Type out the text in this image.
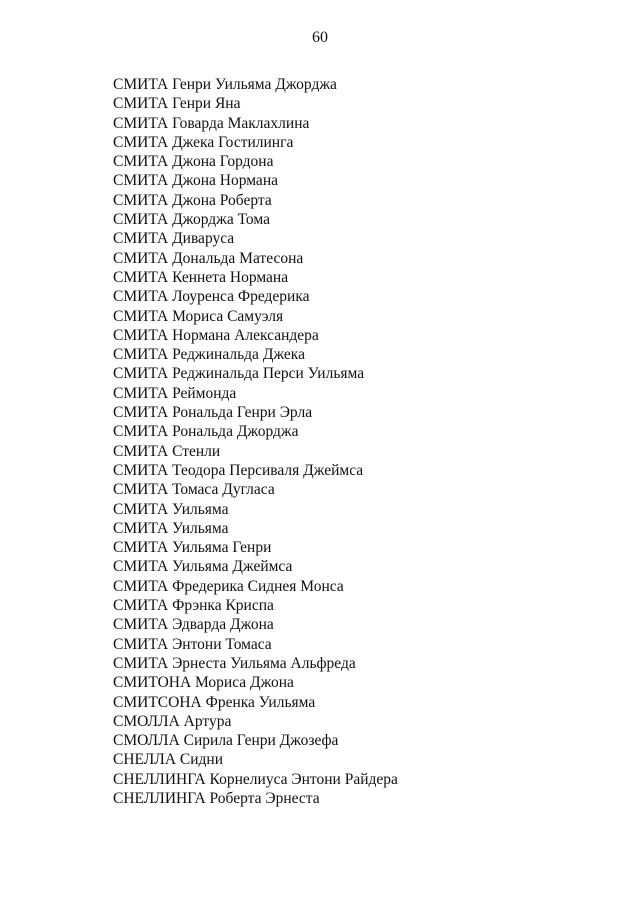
60
СМИТА Генри Уильяма Джорджа
СМИТА Генри Яна
СМИТА Говарда Маклахлина
СМИТА Джека Гостилинга
СМИТА Джона Гордона
СМИТА Джона Нормана
СМИТА Джона Роберта
СМИТА Джорджа Тома
СМИТА Диваруса
СМИТА Дональда Матесона
СМИТА Кеннета Нормана
СМИТА Лоуренса Фредерика
СМИТА Мориса Самуэля
СМИТА Нормана Александера
СМИТА Реджинальда Джека
СМИТА Реджинальда Перси Уильяма
СМИТА Реймонда
СМИТА Рональда Генри Эрла
СМИТА Рональда Джорджа
СМИТА Стенли
СМИТА Теодора Персиваля Джеймса
СМИТА Томаса Дугласа
СМИТА Уильяма
СМИТА Уильяма
СМИТА Уильяма Генри
СМИТА Уильяма Джеймса
СМИТА Фредерика Сиднея Монса
СМИТА Фрэнка Криспа
СМИТА Эдварда Джона
СМИТА Энтони Томаса
СМИТА Эрнеста Уильяма Альфреда
СМИТОНА Мориса Джона
СМИТСОНА Френка Уильяма
СМОЛЛА Артура
СМОЛЛА Сирила Генри Джозефа
СНЕЛЛА Сидни
СНЕЛЛИНГА Корнелиуса Энтони Райдера
СНЕЛЛИНГА Роберта Эрнеста
